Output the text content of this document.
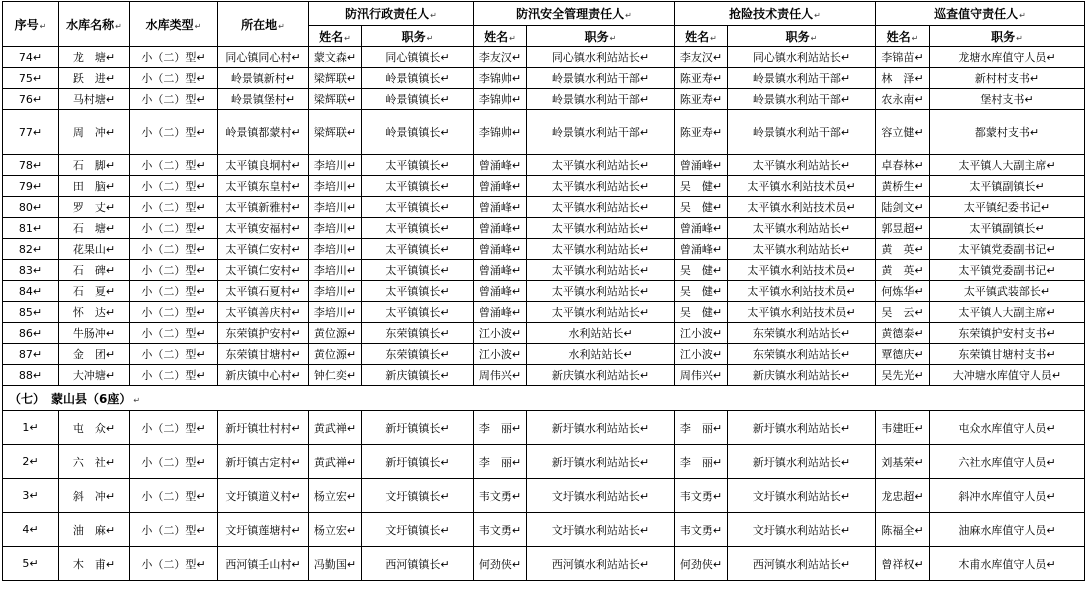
序号↵	水库名称↵	水库类型↵	所在地↵	防汛行政责任人↵		防汛安全管理责任人↵		抢险技术责任人↵		巡查值守责任人↵	
				姓名↵	职务↵	姓名↵	职务↵	姓名↵	职务↵	姓名↵	职务↵
74↵	龙　塘↵	小（二）型↵	同心镇同心村↵	蒙文森↵	同心镇镇长↵	李友汉↵	同心镇水利站站长↵	李友汉↵	同心镇水利站站长↵	李锦苗↵	龙塘水库值守人员↵
75↵	跃　进↵	小（二）型↵	岭景镇新村↵	梁辉联↵	岭景镇镇长↵	李锦帅↵	岭景镇水利站干部↵	陈亚寿↵	岭景镇水利站干部↵	林　泽↵	新村村支书↵
76↵	马村塘↵	小（二）型↵	岭景镇堡村↵	梁辉联↵	岭景镇镇长↵	李锦帅↵	岭景镇水利站干部↵	陈亚寿↵	岭景镇水利站干部↵	农永南↵	堡村支书↵
77↵	周　冲↵	小（二）型↵	岭景镇都蒙村↵	梁辉联↵	岭景镇镇长↵	李锦帅↵	岭景镇水利站干部↵	陈亚寿↵	岭景镇水利站干部↵	容立健↵	都蒙村支书↵
78↵	石　脚↵	小（二）型↵	太平镇良垌村↵	李培川↵	太平镇镇长↵	曾涌峰↵	太平镇水利站站长↵	曾涌峰↵	太平镇水利站站长↵	卓春林↵	太平镇人大副主席↵
79↵	田　脑↵	小（二）型↵	太平镇东皇村↵	李培川↵	太平镇镇长↵	曾涌峰↵	太平镇水利站站长↵	吴　健↵	太平镇水利站技术员↵	黄桥生↵	太平镇副镇长↵
80↵	罗　丈↵	小（二）型↵	太平镇新雅村↵	李培川↵	太平镇镇长↵	曾涌峰↵	太平镇水利站站长↵	吴　健↵	太平镇水利站技术员↵	陆剑文↵	太平镇纪委书记↵
81↵	石　塘↵	小（二）型↵	太平镇安福村↵	李培川↵	太平镇镇长↵	曾涌峰↵	太平镇水利站站长↵	曾涌峰↵	太平镇水利站站长↵	郭昱超↵	太平镇副镇长↵
82↵	花果山↵	小（二）型↵	太平镇仁安村↵	李培川↵	太平镇镇长↵	曾涌峰↵	太平镇水利站站长↵	曾涌峰↵	太平镇水利站站长↵	黄　英↵	太平镇党委副书记↵
83↵	石　碑↵	小（二）型↵	太平镇仁安村↵	李培川↵	太平镇镇长↵	曾涌峰↵	太平镇水利站站长↵	吴　健↵	太平镇水利站技术员↵	黄　英↵	太平镇党委副书记↵
84↵	石　夏↵	小（二）型↵	太平镇石夏村↵	李培川↵	太平镇镇长↵	曾涌峰↵	太平镇水利站站长↵	吴　健↵	太平镇水利站技术员↵	何炼华↵	太平镇武装部长↵
85↵	怀　达↵	小（二）型↵	太平镇善庆村↵	李培川↵	太平镇镇长↵	曾涌峰↵	太平镇水利站站长↵	吴　健↵	太平镇水利站技术员↵	吴　云↵	太平镇人大副主席↵
86↵	牛肠冲↵	小（二）型↵	东荣镇护安村↵	黄位源↵	东荣镇镇长↵	江小波↵	水利站站长↵	江小波↵	东荣镇水利站站长↵	黄德泰↵	东荣镇护安村支书↵
87↵	金　团↵	小（二）型↵	东荣镇甘塘村↵	黄位源↵	东荣镇镇长↵	江小波↵	水利站站长↵	江小波↵	东荣镇水利站站长↵	覃德庆↵	东荣镇甘塘村支书↵
88↵	大冲塘↵	小（二）型↵	新庆镇中心村↵	钟仁奕↵	新庆镇镇长↵	周伟兴↵	新庆镇水利站站长↵	周伟兴↵	新庆镇水利站站长↵	吴先光↵	大冲塘水库值守人员↵
（七）　蒙山县（6座） ↵											
1↵	屯　众↵	小（二）型↵	新圩镇壮村村↵	黄武禅↵	新圩镇镇长↵	李　丽↵	新圩镇水利站站长↵	李　丽↵	新圩镇水利站站长↵	韦建旺↵	屯众水库值守人员↵
2↵	六　社↵	小（二）型↵	新圩镇古定村↵	黄武禅↵	新圩镇镇长↵	李　丽↵	新圩镇水利站站长↵	李　丽↵	新圩镇水利站站长↵	刘基荣↵	六社水库值守人员↵
3↵	斜　冲↵	小（二）型↵	文圩镇道义村↵	杨立宏↵	文圩镇镇长↵	韦文勇↵	文圩镇水利站站长↵	韦文勇↵	文圩镇水利站站长↵	龙忠超↵	斜冲水库值守人员↵
4↵	油　麻↵	小（二）型↵	文圩镇莲塘村↵	杨立宏↵	文圩镇镇长↵	韦文勇↵	文圩镇水利站站长↵	韦文勇↵	文圩镇水利站站长↵	陈福全↵	油麻水库值守人员↵
5↵	木　甫↵	小（二）型↵	西河镇壬山村↵	冯勤国↵	西河镇镇长↵	何劲侠↵	西河镇水利站站长↵	何劲侠↵	西河镇水利站站长↵	曾祥权↵	木甫水库值守人员↵
